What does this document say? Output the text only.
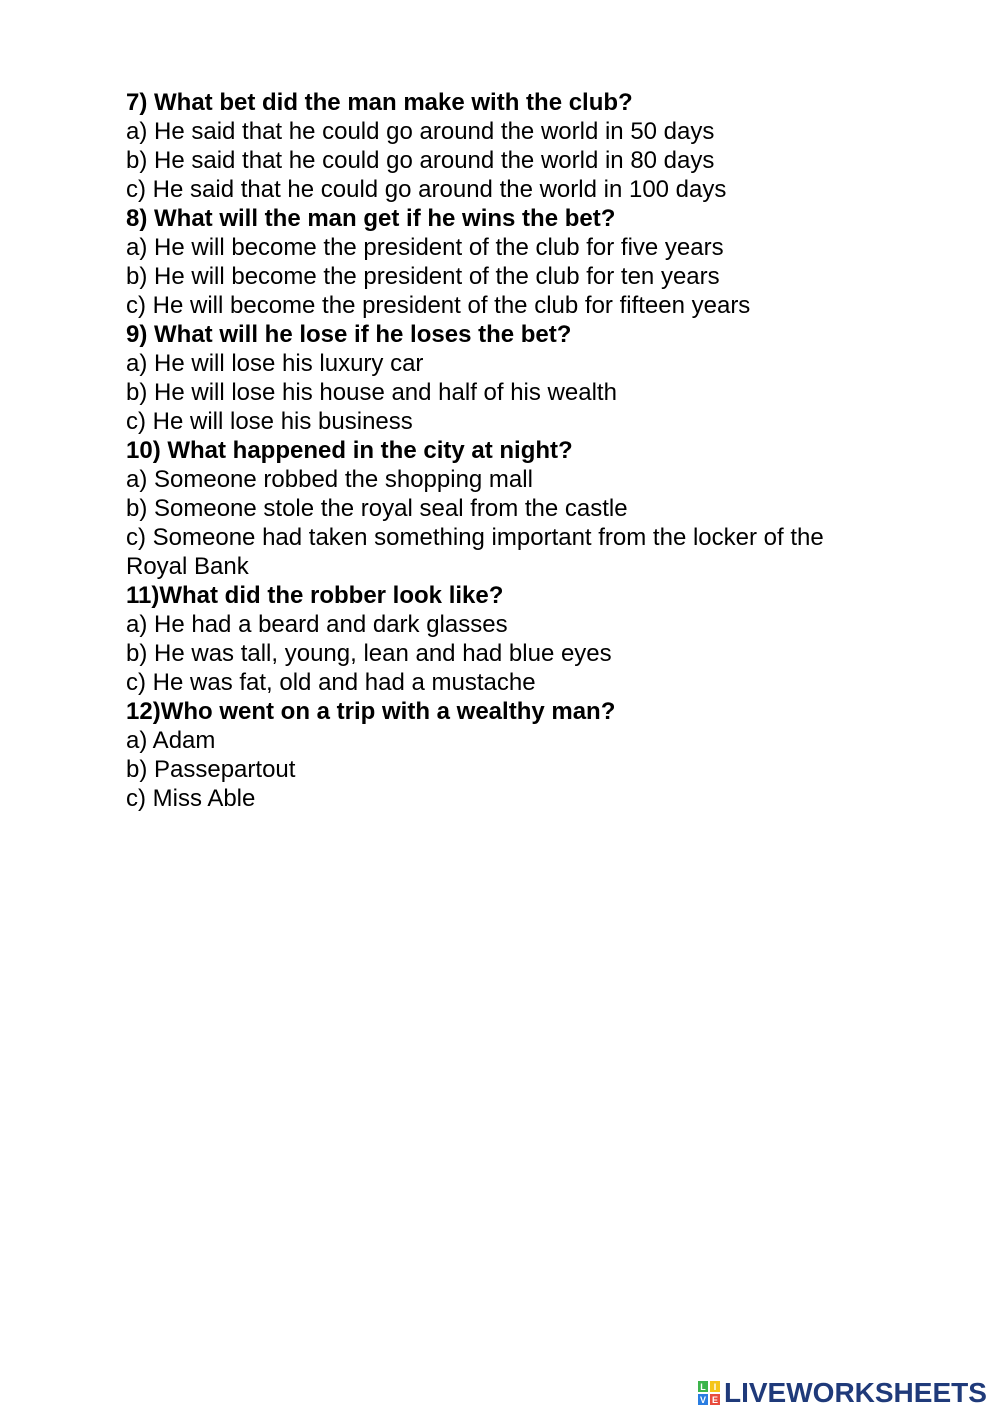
7) What bet did the man make with the club?

a) He said that he could go around the world in 50 days

b) He said that he could go around the world in 80 days

c) He said that he could go around the world in 100 days

8) What will the man get if he wins the bet?

a) He will become the president of the club for five years

b) He will become the president of the club for ten years

c) He will become the president of the club for fifteen years

9) What will he lose if he loses the bet?

a) He will lose his luxury car

b) He will lose his house and half of his wealth

c) He will lose his business

10) What happened in the city at night?

a) Someone robbed the shopping mall

b) Someone stole the royal seal from the castle

c) Someone had taken something important from the locker of the Royal Bank

11)What did the robber look like?

a) He had a beard and dark glasses

b) He was tall, young, lean and had blue eyes

c) He was fat, old and had a mustache

12)Who went on a trip with a wealthy man?

a) Adam

b) Passepartout

c) Miss Able

L I
V E LIVEWORKSHEETS
